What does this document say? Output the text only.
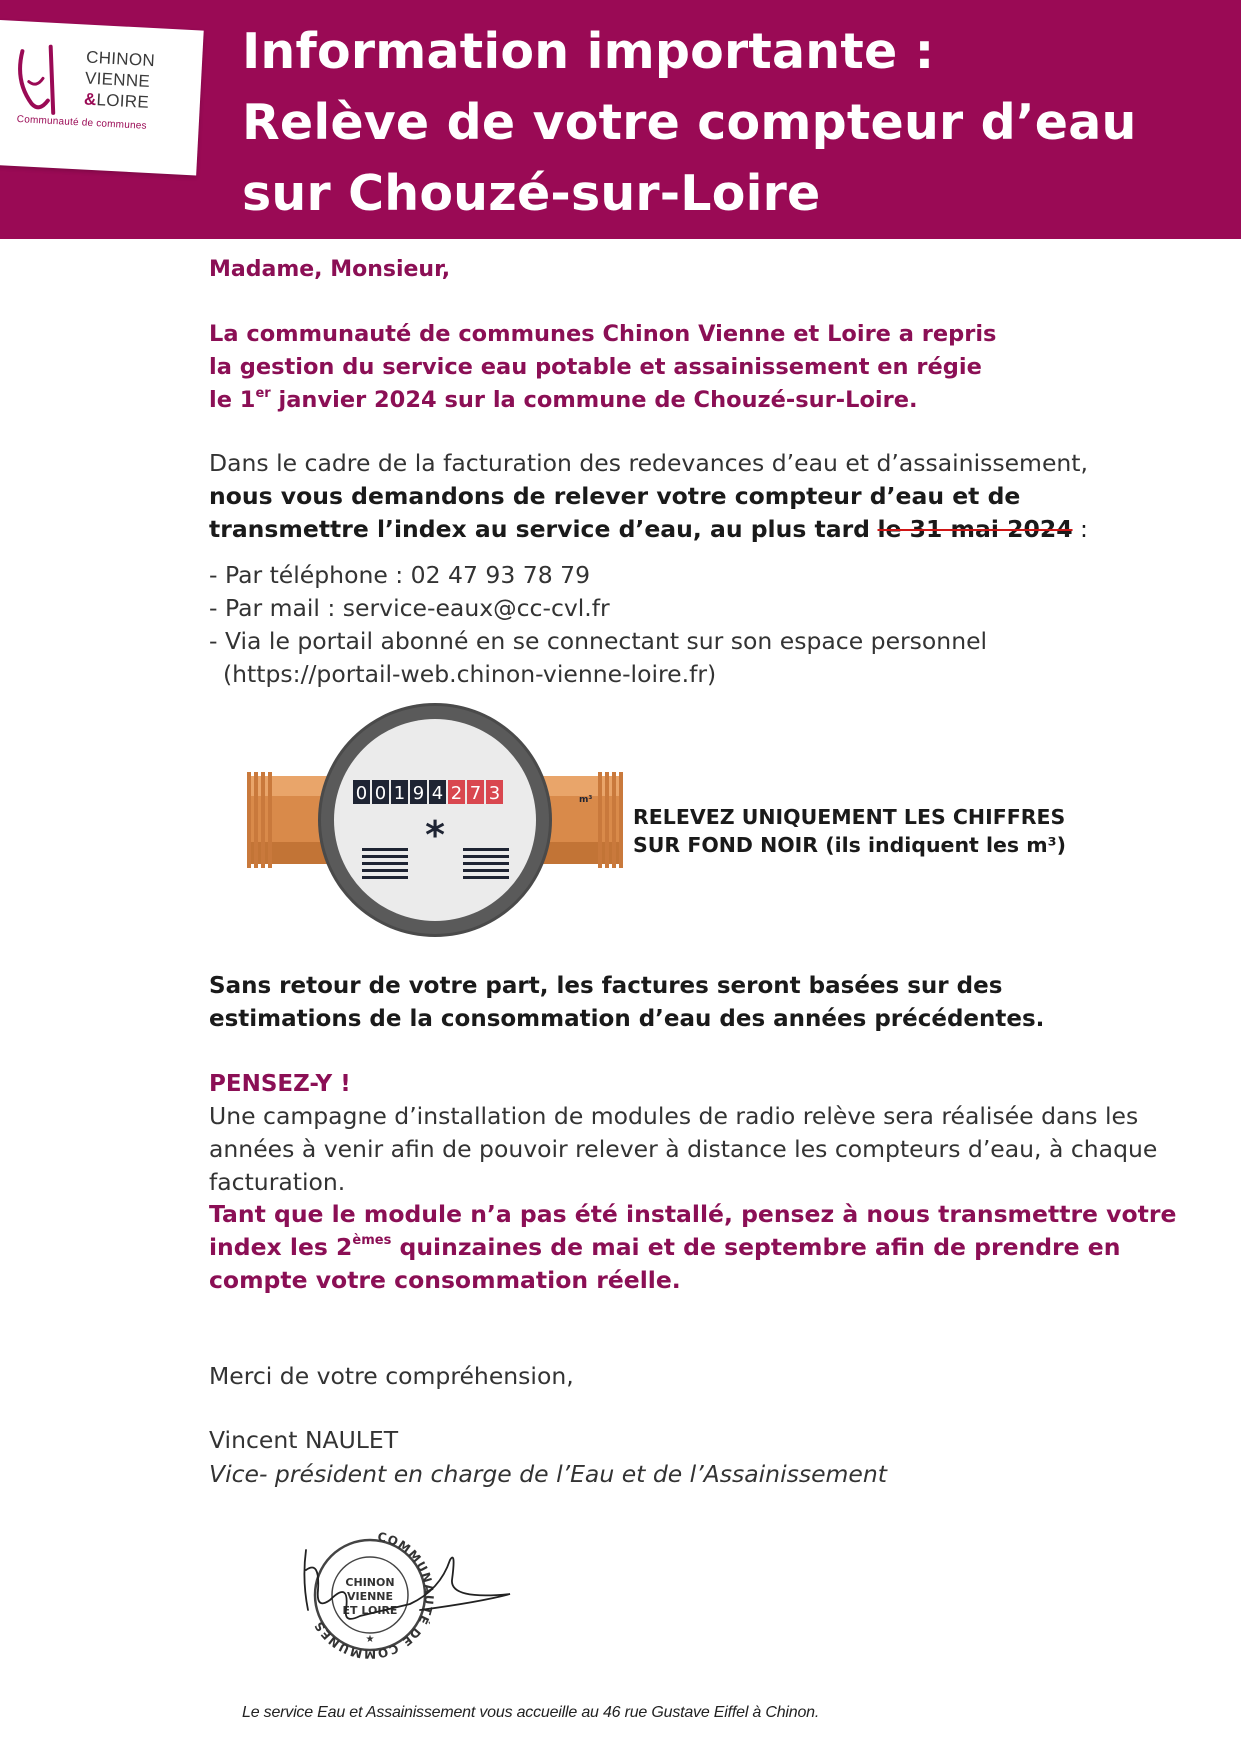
CHINON
VIENNE
&LOIRE
Communauté de communes
Information importante :
Relève de votre compteur d’eau
sur Chouzé-sur-Loire
Madame, Monsieur,
La communauté de communes Chinon Vienne et Loire a repris
la gestion du service eau potable et assainissement en régie
le 1er janvier 2024 sur la commune de Chouzé-sur-Loire.
Dans le cadre de la facturation des redevances d’eau et d’assainissement,
nous vous demandons de relever votre compteur d’eau et de
transmettre l’index au service d’eau, au plus tard le 31 mai 2024 :
- Par téléphone : 02 47 93 78 79
- Par mail : service-eaux@cc-cvl.fr
- Via le portail abonné en se connectant sur son espace personnel
(https://portail-web.chinon-vienne-loire.fr)
0 0 1 9 4 2 7 3	m³
*	RELEVEZ UNIQUEMENT LES CHIFFRES
SUR FOND NOIR (ils indiquent les m³)
Sans retour de votre part, les factures seront basées sur des
estimations de la consommation d’eau des années précédentes.
PENSEZ-Y !
Une campagne d’installation de modules de radio relève sera réalisée dans les
années à venir afin de pouvoir relever à distance les compteurs d’eau, à chaque
facturation.
Tant que le module n’a pas été installé, pensez à nous transmettre votre
index les 2èmes quinzaines de mai et de septembre afin de prendre en
compte votre consommation réelle.
Merci de votre compréhension,
Vincent NAULET
Vice- président en charge de l’Eau et de l’Assainissement
COMMUNAUTÉ DE COMMUNES
CHINON
VIENNE
ET LOIRE
★
Le service Eau et Assainissement vous accueille au 46 rue Gustave Eiffel à Chinon.
